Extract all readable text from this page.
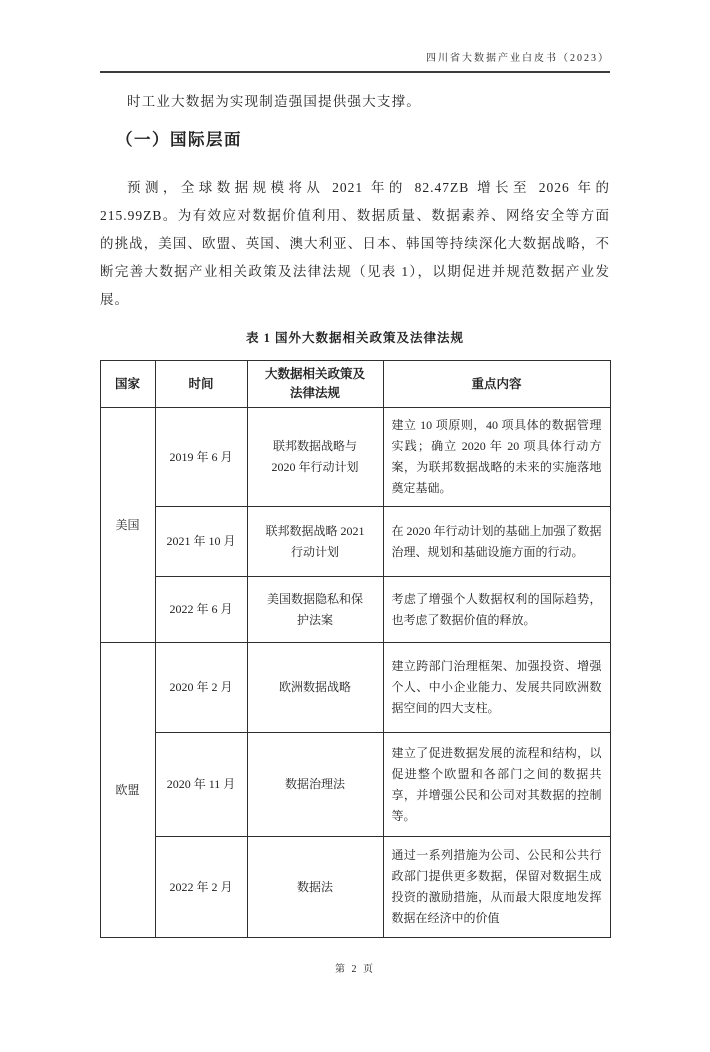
四川省大数据产业白皮书（2023）

时工业大数据为实现制造强国提供强大支撑。

（一）国际层面

预测，全球数据规模将从 2021 年的 82.47ZB 增长至 2026 年的 215.99ZB。为有效应对数据价值利用、数据质量、数据素养、网络安全等方面的挑战，美国、欧盟、英国、澳大利亚、日本、韩国等持续深化大数据战略，不断完善大数据产业相关政策及法律法规（见表 1），以期促进并规范数据产业发展。

表 1 国外大数据相关政策及法律法规
国家	时间	大数据相关政策及法律法规	重点内容
美国	2019 年 6 月	联邦数据战略与 2020 年行动计划	建立 10 项原则，40 项具体的数据管理实践；确立 2020 年 20 项具体行动方案，为联邦数据战略的未来的实施落地奠定基础。
	2021 年 10 月	联邦数据战略 2021 行动计划	在 2020 年行动计划的基础上加强了数据治理、规划和基础设施方面的行动。
	2022 年 6 月	美国数据隐私和保护法案	考虑了增强个人数据权利的国际趋势，也考虑了数据价值的释放。
欧盟	2020 年 2 月	欧洲数据战略	建立跨部门治理框架、加强投资、增强个人、中小企业能力、发展共同欧洲数据空间的四大支柱。
	2020 年 11 月	数据治理法	建立了促进数据发展的流程和结构，以促进整个欧盟和各部门之间的数据共享，并增强公民和公司对其数据的控制等。
	2022 年 2 月	数据法	通过一系列措施为公司、公民和公共行政部门提供更多数据，保留对数据生成投资的激励措施，从而最大限度地发挥数据在经济中的价值
第 2 页
